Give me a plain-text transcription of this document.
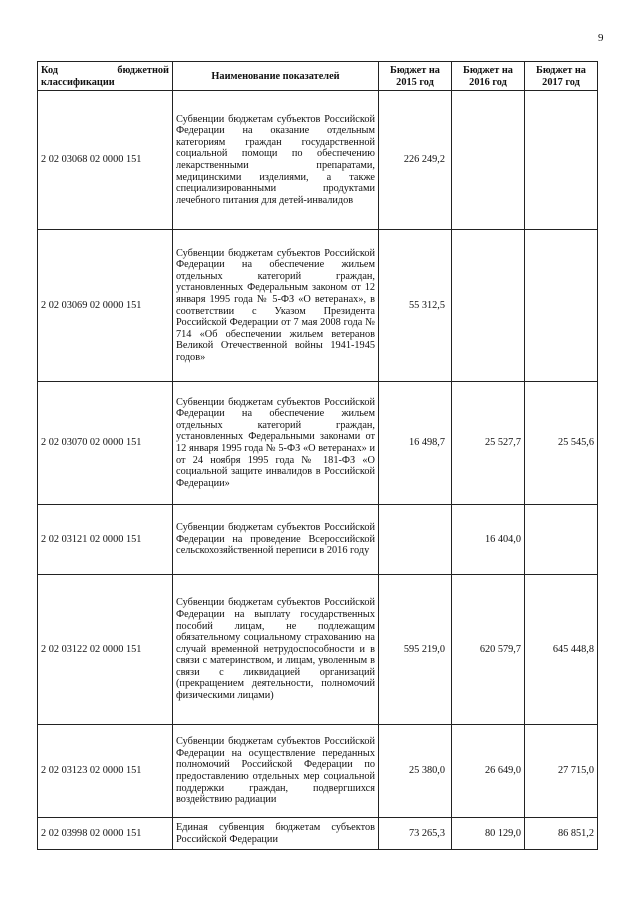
9
Код бюджетной
классификации	Наименование показателей	Бюджет на 2015 год	Бюджет на 2016 год	Бюджет на 2017 год
2 02 03068 02 0000 151	Субвенции бюджетам субъектов Российской Федерации на оказание отдельным категориям граждан государственной социальной помощи по обеспечению лекарственными препаратами, медицинскими изделиями, а также специализированными продуктами лечебного питания для детей-инвалидов	226 249,2		
2 02 03069 02 0000 151	Субвенции бюджетам субъектов Российской Федерации на обеспечение жильем отдельных категорий граждан, установленных Федеральным законом от 12 января 1995 года № 5-ФЗ «О ветеранах», в соответствии с Указом Президента Российской Федерации от 7 мая 2008 года № 714 «Об обеспечении жильем ветеранов Великой Отечественной войны 1941-1945 годов»	55 312,5		
2 02 03070 02 0000 151	Субвенции бюджетам субъектов Российской Федерации на обеспечение жильем отдельных категорий граждан, установленных Федеральными законами от 12 января 1995 года № 5-ФЗ «О ветеранах» и от 24 ноября 1995 года № 181-ФЗ «О социальной защите инвалидов в Российской Федерации»	16 498,7	25 527,7	25 545,6
2 02 03121 02 0000 151	Субвенции бюджетам субъектов Российской Федерации на проведение Всероссийской сельскохозяйственной переписи в 2016 году		16 404,0	
2 02 03122 02 0000 151	Субвенции бюджетам субъектов Российской Федерации на выплату государственных пособий лицам, не подлежащим обязательному социальному страхованию на случай временной нетрудоспособности и в связи с материнством, и лицам, уволенным в связи с ликвидацией организаций (прекращением деятельности, полномочий физическими лицами)	595 219,0	620 579,7	645 448,8
2 02 03123 02 0000 151	Субвенции бюджетам субъектов Российской Федерации на осуществление переданных полномочий Российской Федерации по предоставлению отдельных мер социальной поддержки граждан, подвергшихся воздействию радиации	25 380,0	26 649,0	27 715,0
2 02 03998 02 0000 151	Единая субвенция бюджетам субъектов Российской Федерации	73 265,3	80 129,0	86 851,2
